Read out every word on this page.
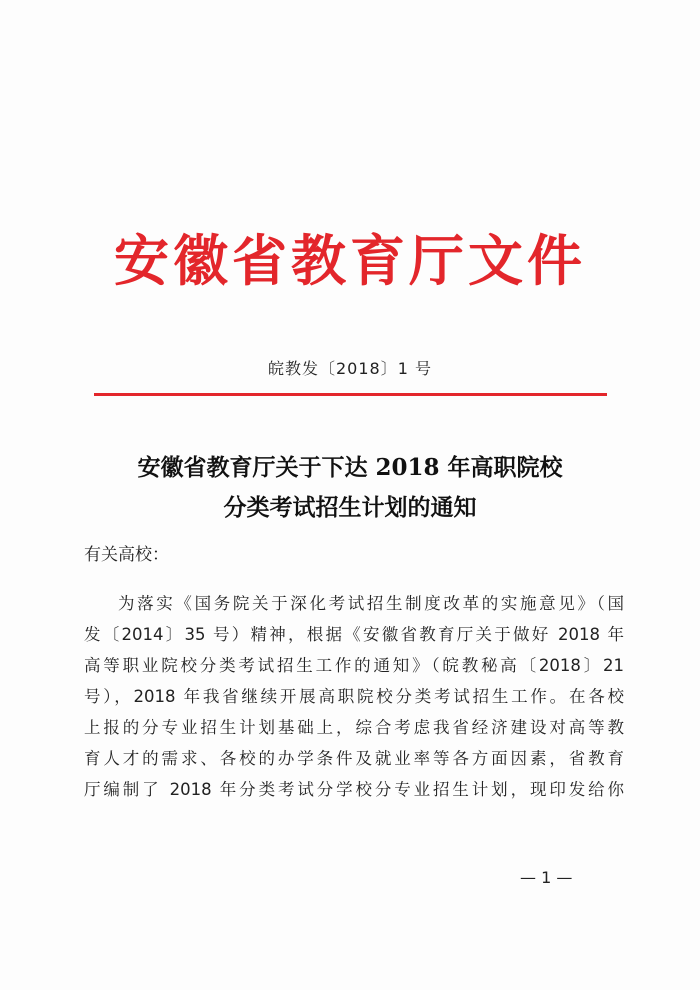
安徽省教育厅文件
皖教发〔2018〕1 号
安徽省教育厅关于下达 2018 年高职院校
分类考试招生计划的通知
有关高校：
为落实《国务院关于深化考试招生制度改革的实施意见》（国
发〔2014〕35 号）精神，根据《安徽省教育厅关于做好 2018 年
高等职业院校分类考试招生工作的通知》（皖教秘高〔2018〕21
号），2018 年我省继续开展高职院校分类考试招生工作。在各校
上报的分专业招生计划基础上，综合考虑我省经济建设对高等教
育人才的需求、各校的办学条件及就业率等各方面因素，省教育
厅编制了 2018 年分类考试分学校分专业招生计划，现印发给你
— 1 —
